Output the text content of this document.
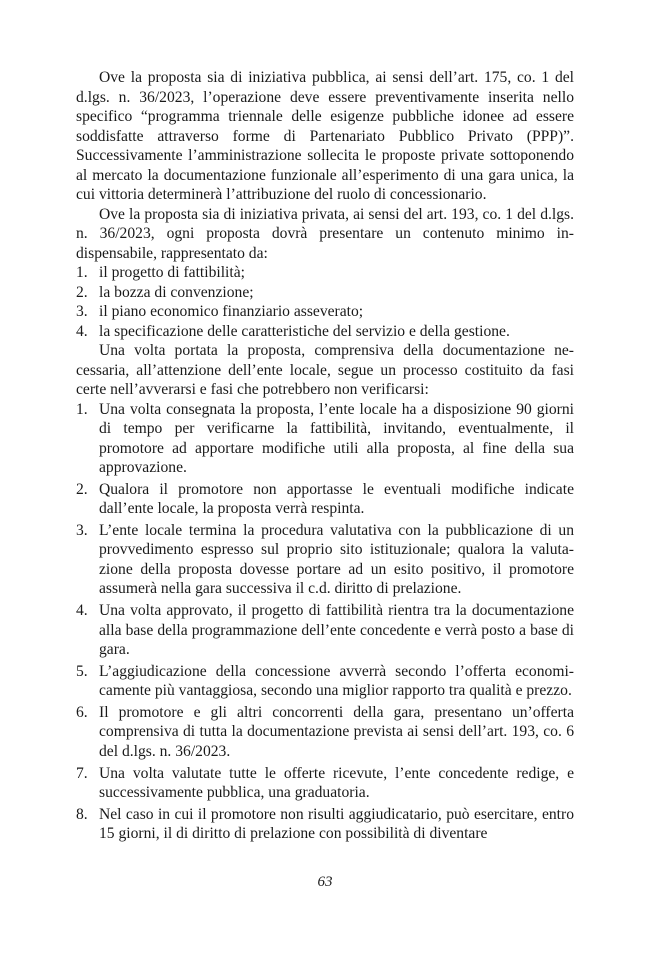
Ove la proposta sia di iniziativa pubblica, ai sensi dell’art. 175, co. 1 del d.lgs. n. 36/2023, l’operazione deve essere preventivamente inserita nello specifico “programma triennale delle esigenze pubbliche idonee ad essere soddisfatte attraverso forme di Partenariato Pubblico Privato (PPP)”. Successivamente l’amministrazione sollecita le proposte private sottoponendo al mercato la documentazione funzionale all’esperimento di una gara unica, la cui vittoria determinerà l’attribuzione del ruolo di concessionario.

Ove la proposta sia di iniziativa privata, ai sensi del art. 193, co. 1 del d.lgs. n. 36/2023, ogni proposta dovrà presentare un contenuto minimo indispensabile, rappresentato da:

1. il progetto di fattibilità;
2. la bozza di convenzione;
3. il piano economico finanziario asseverato;
4. la specificazione delle caratteristiche del servizio e della gestione.

Una volta portata la proposta, comprensiva della documentazione necessaria, all’attenzione dell’ente locale, segue un processo costituito da fasi certe nell’avverarsi e fasi che potrebbero non verificarsi:

1. Una volta consegnata la proposta, l’ente locale ha a disposizione 90 giorni di tempo per verificarne la fattibilità, invitando, eventualmente, il promotore ad apportare modifiche utili alla proposta, al fine della sua approvazione.
2. Qualora il promotore non apportasse le eventuali modifiche indicate dall’ente locale, la proposta verrà respinta.
3. L’ente locale termina la procedura valutativa con la pubblicazione di un provvedimento espresso sul proprio sito istituzionale; qualora la valutazione della proposta dovesse portare ad un esito positivo, il promotore assumerà nella gara successiva il c.d. diritto di prelazione.
4. Una volta approvato, il progetto di fattibilità rientra tra la documentazione alla base della programmazione dell’ente concedente e verrà posto a base di gara.
5. L’aggiudicazione della concessione avverrà secondo l’offerta economicamente più vantaggiosa, secondo una miglior rapporto tra qualità e prezzo.
6. Il promotore e gli altri concorrenti della gara, presentano un’offerta comprensiva di tutta la documentazione prevista ai sensi dell’art. 193, co. 6 del d.lgs. n. 36/2023.
7. Una volta valutate tutte le offerte ricevute, l’ente concedente redige, e successivamente pubblica, una graduatoria.
8. Nel caso in cui il promotore non risulti aggiudicatario, può esercitare, entro 15 giorni, il di diritto di prelazione con possibilità di diventare
63
